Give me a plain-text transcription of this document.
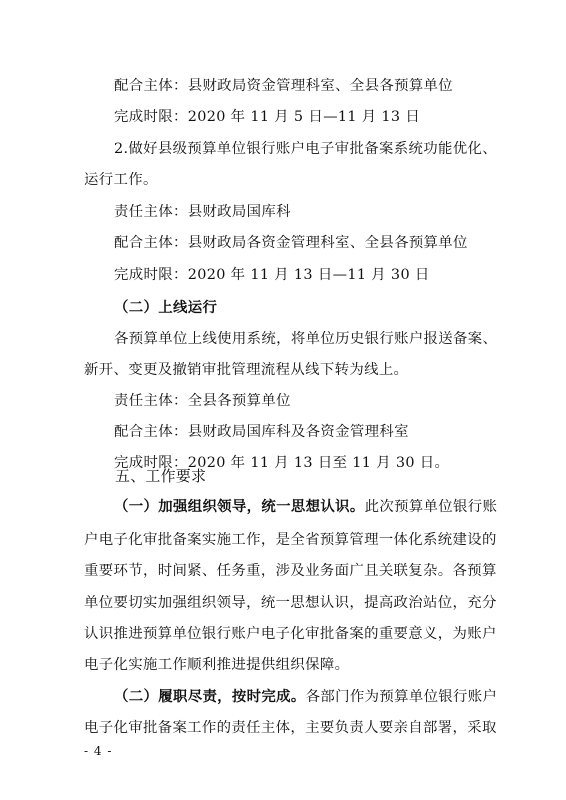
配合主体：县财政局资金管理科室、全县各预算单位
完成时限：2020 年 11 月 5 日—11 月 13 日
2.做好县级预算单位银行账户电子审批备案系统功能优化、
运行工作。
责任主体：县财政局国库科
配合主体：县财政局各资金管理科室、全县各预算单位
完成时限：2020 年 11 月 13 日—11 月 30 日
（二）上线运行
各预算单位上线使用系统，将单位历史银行账户报送备案、
新开、变更及撤销审批管理流程从线下转为线上。
责任主体：全县各预算单位
配合主体：县财政局国库科及各资金管理科室
完成时限：2020 年 11 月 13 日至 11 月 30 日。
五、工作要求
（一）加强组织领导，统一思想认识。此次预算单位银行账
户电子化审批备案实施工作，是全省预算管理一体化系统建设的
重要环节，时间紧、任务重，涉及业务面广且关联复杂。各预算
单位要切实加强组织领导，统一思想认识，提高政治站位，充分
认识推进预算单位银行账户电子化审批备案的重要意义，为账户
电子化实施工作顺利推进提供组织保障。
（二）履职尽责，按时完成。各部门作为预算单位银行账户
电子化审批备案工作的责任主体，主要负责人要亲自部署，采取
- 4 -
